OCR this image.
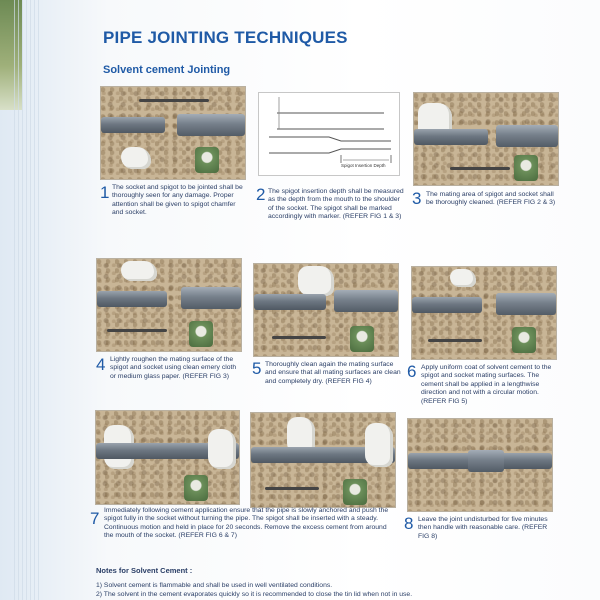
PIPE JOINTING TECHNIQUES
Solvent cement Jointing
Spigot Insertion Depth
1 The socket and spigot to be jointed shall be thoroughly seen for any damage. Proper attention shall be given to spigot chamfer and socket.
2 The spigot insertion depth shall be measured as the depth from the mouth to the shoulder of the socket. The spigot shall be marked accordingly with marker. (REFER FIG 1 & 3)
3 The mating area of spigot and socket shall be thoroughly cleaned. (REFER FIG 2 & 3)
4 Lightly roughen the mating surface of the spigot and socket using clean emery cloth or medium glass paper. (REFER FIG 3)	5 Thoroughly clean again the mating surface and ensure that all mating surfaces are clean and completely dry. (REFER FIG 4)
6 Apply uniform coat of solvent cement to the spigot and socket mating surfaces. The cement shall be applied in a lengthwise direction and not with a circular motion. (REFER FIG 5)
7 Immediately following cement application ensure that the pipe is slowly anchored and push the spigot fully in the socket without turning the pipe. The spigot shall be inserted with a steady. Continuous motion and held in place for 20 seconds. Remove the excess cement from around the mouth of the socket. (REFER FIG 6 & 7)
8 Leave the joint undisturbed for five minutes then handle with reasonable care. (REFER FIG 8)
Notes for Solvent Cement :
1) Solvent cement is flammable and shall be used in well ventilated conditions.
2) The solvent in the cement evaporates quickly so it is recommended to close the tin lid when not in use.
